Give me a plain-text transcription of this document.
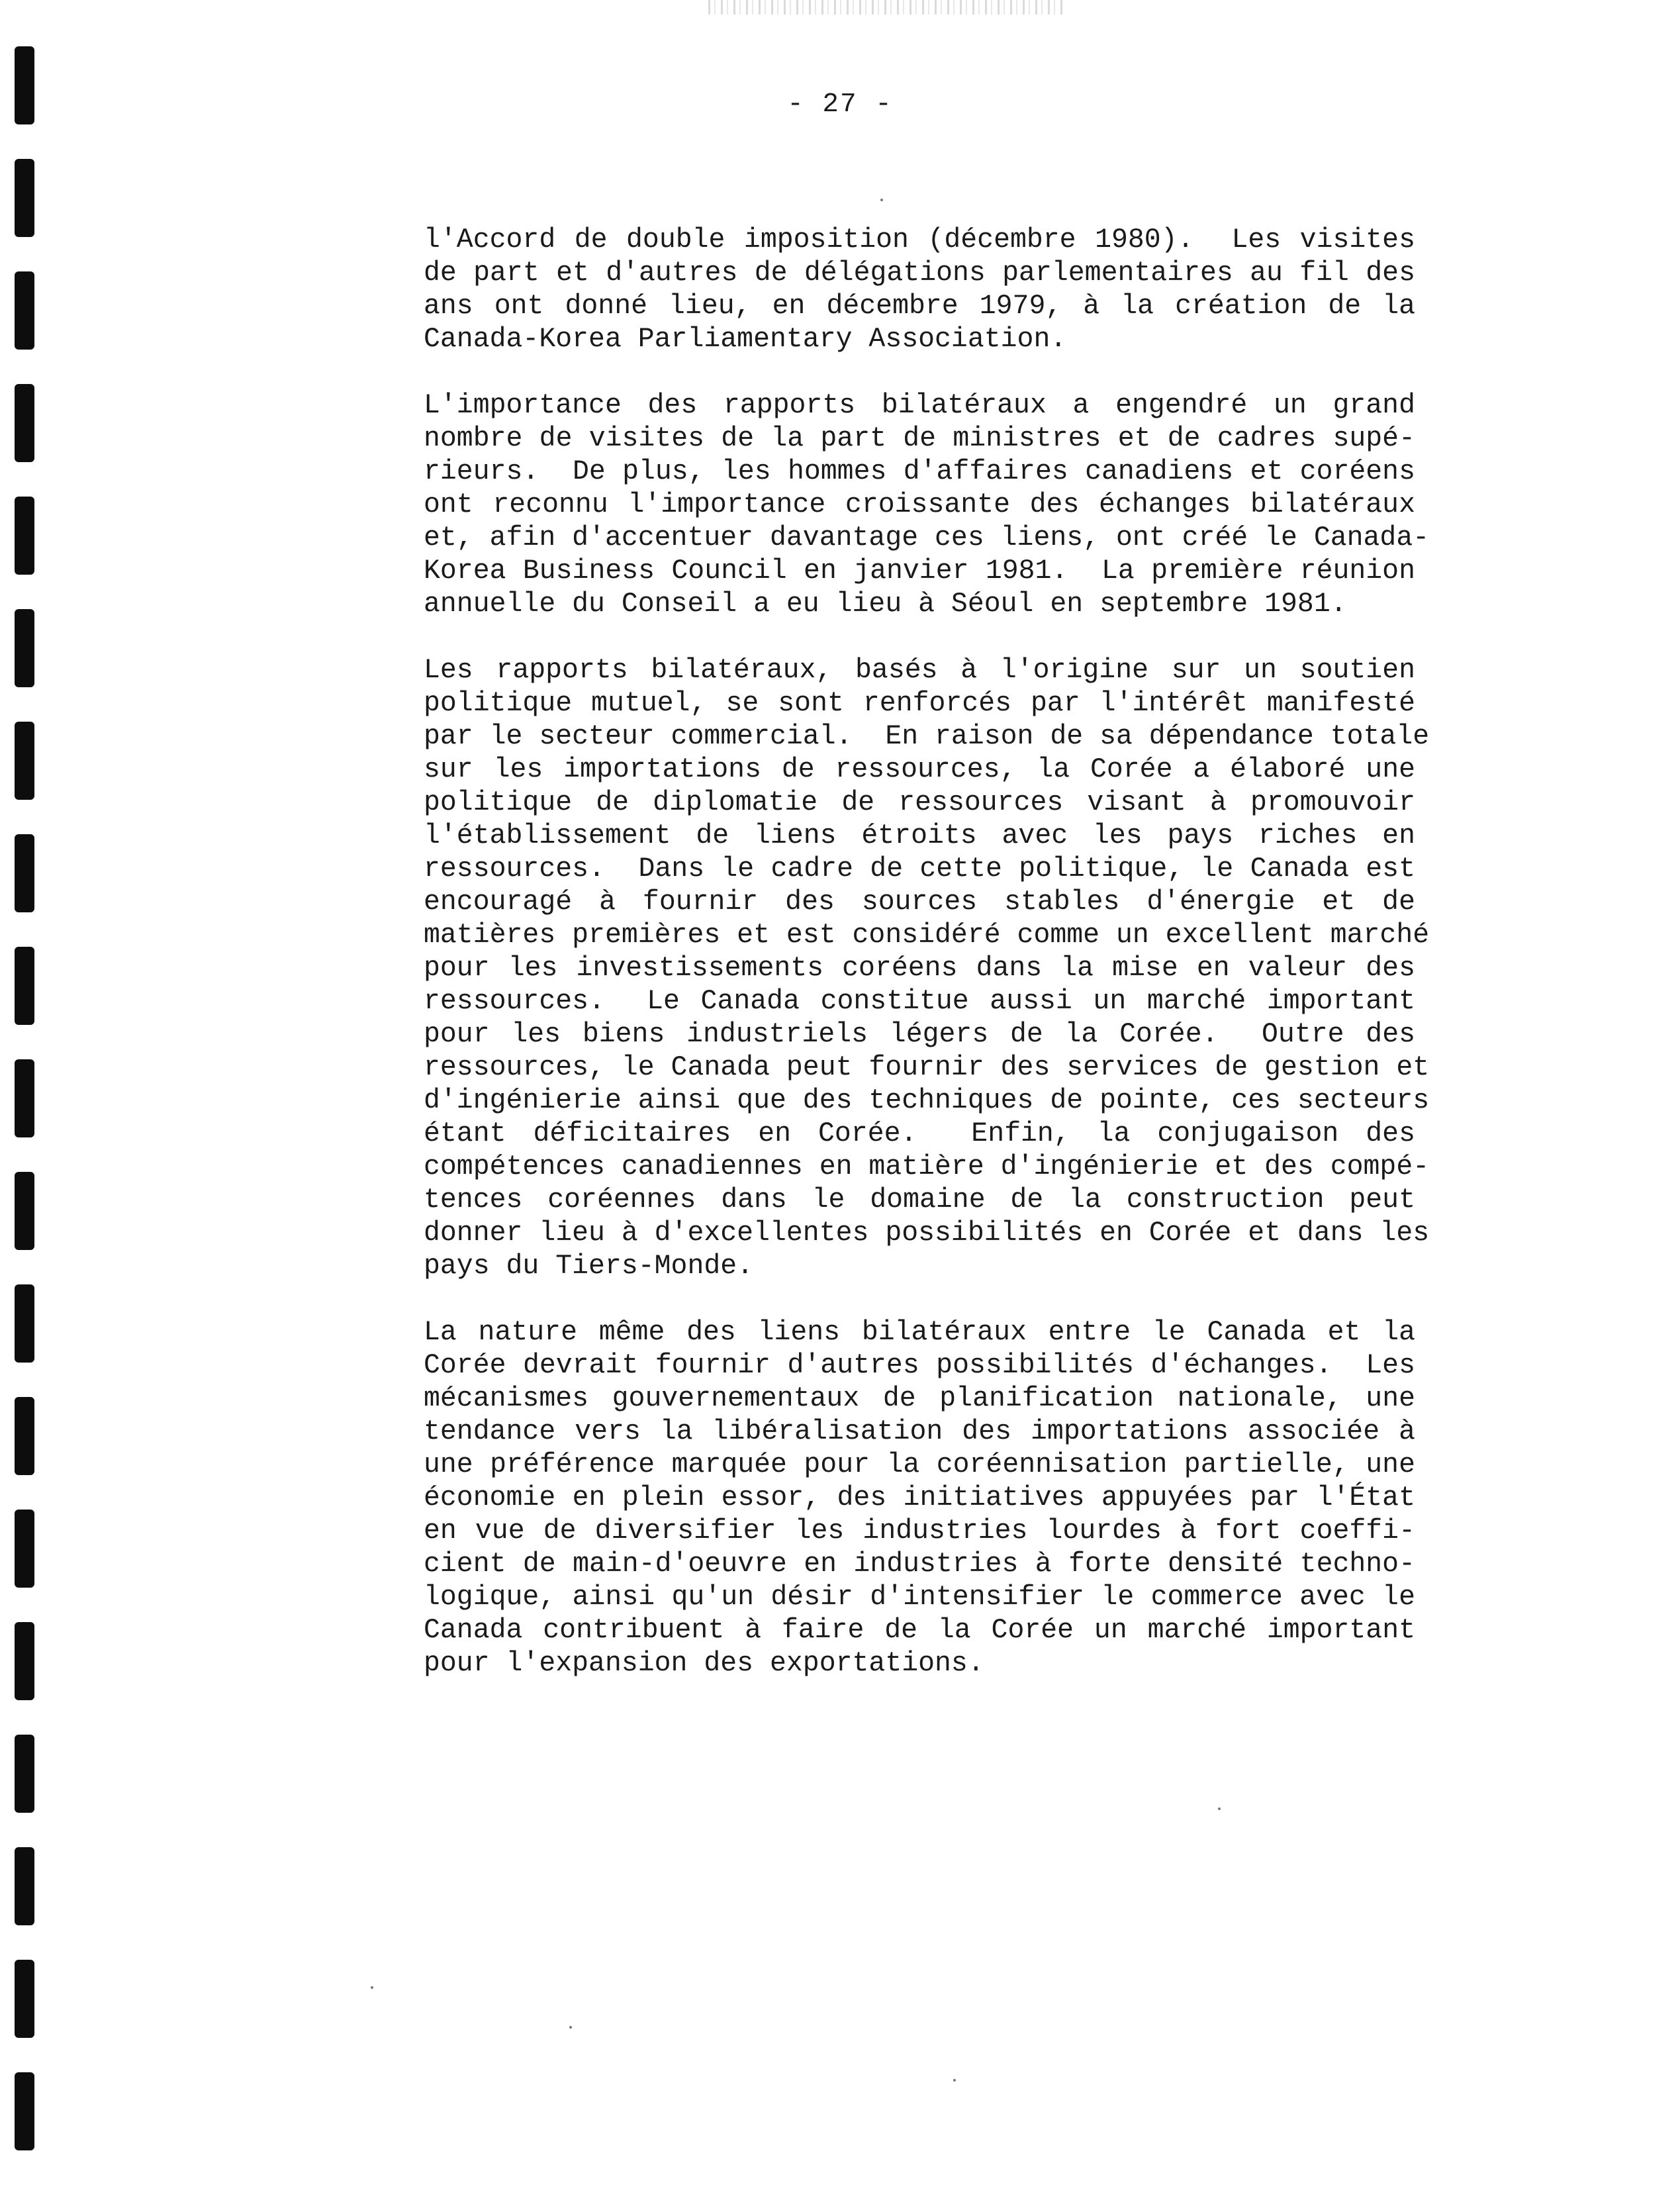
- 27 -
l'Accord de double imposition (décembre 1980).  Les visites
de part et d'autres de délégations parlementaires au fil des
ans ont donné lieu, en décembre 1979, à la création de la
Canada-Korea Parliamentary Association.
L'importance des rapports bilatéraux a engendré un grand
nombre de visites de la part de ministres et de cadres supé-
rieurs.  De plus, les hommes d'affaires canadiens et coréens
ont reconnu l'importance croissante des échanges bilatéraux
et, afin d'accentuer davantage ces liens, ont créé le Canada-
Korea Business Council en janvier 1981.  La première réunion
annuelle du Conseil a eu lieu à Séoul en septembre 1981.
Les rapports bilatéraux, basés à l'origine sur un soutien
politique mutuel, se sont renforcés par l'intérêt manifesté
par le secteur commercial.  En raison de sa dépendance totale
sur les importations de ressources, la Corée a élaboré une
politique de diplomatie de ressources visant à promouvoir
l'établissement de liens étroits avec les pays riches en
ressources.  Dans le cadre de cette politique, le Canada est
encouragé à fournir des sources stables d'énergie et de
matières premières et est considéré comme un excellent marché
pour les investissements coréens dans la mise en valeur des
ressources.  Le Canada constitue aussi un marché important
pour les biens industriels légers de la Corée.  Outre des
ressources, le Canada peut fournir des services de gestion et
d'ingénierie ainsi que des techniques de pointe, ces secteurs
étant déficitaires en Corée.  Enfin, la conjugaison des
compétences canadiennes en matière d'ingénierie et des compé-
tences coréennes dans le domaine de la construction peut
donner lieu à d'excellentes possibilités en Corée et dans les
pays du Tiers-Monde.
La nature même des liens bilatéraux entre le Canada et la
Corée devrait fournir d'autres possibilités d'échanges.  Les
mécanismes gouvernementaux de planification nationale, une
tendance vers la libéralisation des importations associée à
une préférence marquée pour la coréennisation partielle, une
économie en plein essor, des initiatives appuyées par l'État
en vue de diversifier les industries lourdes à fort coeffi-
cient de main-d'oeuvre en industries à forte densité techno-
logique, ainsi qu'un désir d'intensifier le commerce avec le
Canada contribuent à faire de la Corée un marché important
pour l'expansion des exportations.
